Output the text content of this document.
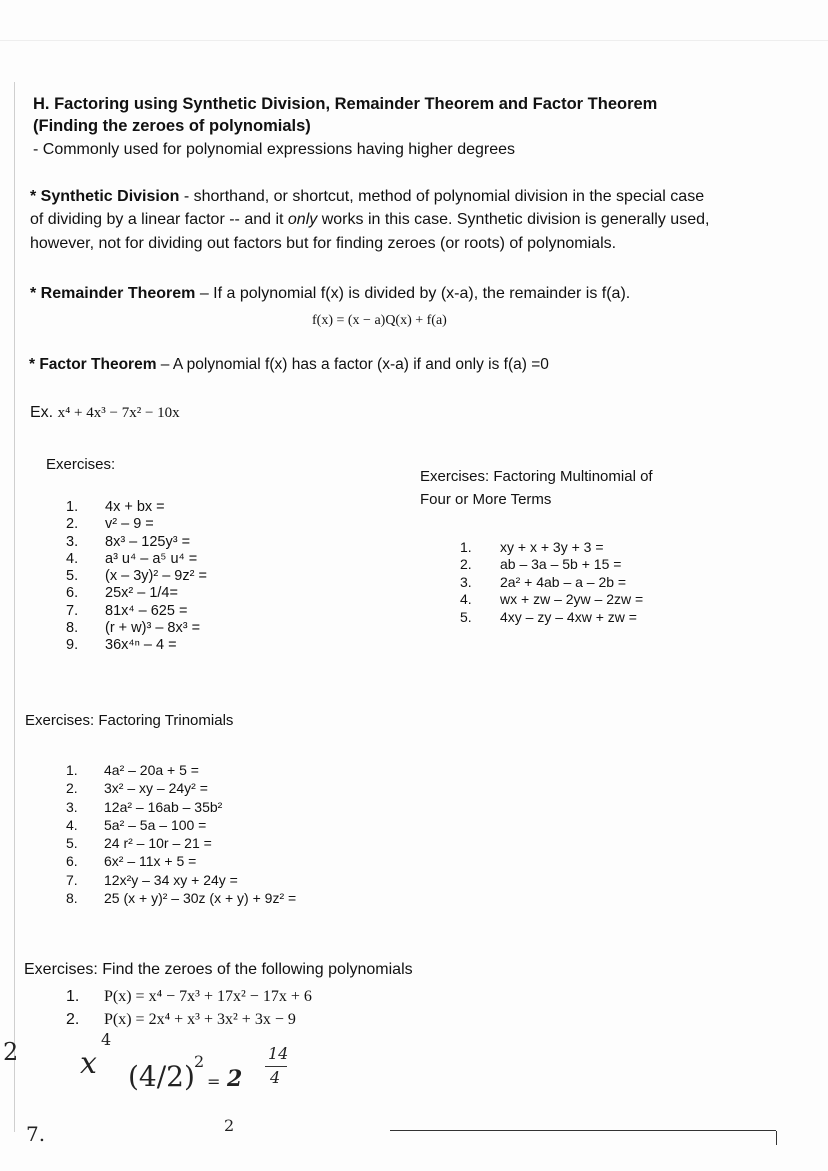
H. Factoring using Synthetic Division, Remainder Theorem and Factor Theorem
(Finding the zeroes of polynomials)
- Commonly used for polynomial expressions having higher degrees
* Synthetic Division - shorthand, or shortcut, method of polynomial division in the special case
of dividing by a linear factor -- and it only works in this case. Synthetic division is generally used,
however, not for dividing out factors but for finding zeroes (or roots) of polynomials.
* Remainder Theorem – If a polynomial f(x) is divided by (x-a), the remainder is f(a).
f(x) = (x − a)Q(x) + f(a)
* Factor Theorem – A polynomial f(x) has a factor (x-a) if and only is f(a) =0
Ex. x⁴ + 4x³ − 7x² − 10x
Exercises:
1.	4x + bx =
2.	v² – 9 =
3.	8x³ – 125y³ =
4.	a³ u⁴ – a⁵ u⁴ =
5.	(x – 3y)² – 9z² =
6.	25x² – 1/4=
7.	81x⁴ – 625 =
8.	(r + w)³ – 8x³ =
9.	36x⁴ⁿ – 4 =
Exercises: Factoring Multinomial of
Four or More Terms
1.	xy + x + 3y + 3 =
2.	ab – 3a – 5b + 15 =
3.	2a² + 4ab – a – 2b =
4.	wx + zw – 2yw – 2zw =
5.	4xy – zy – 4xw + zw =
Exercises: Factoring Trinomials
1.	4a² – 20a + 5 =
2.	3x² – xy – 24y² =
3.	12a² – 16ab – 35b²
4.	5a² – 5a – 100 =
5.	24 r² – 10r – 21 =
6.	6x² – 11x + 5 =
7.	12x²y – 34 xy + 24y =
8.	25 (x + y)² – 30z (x + y) + 9z² =
Exercises: Find the zeroes of the following polynomials
1.	P(x) = x⁴ − 7x³ + 17x² − 17x + 6
2.	P(x) = 2x⁴ + x³ + 3x² + 3x − 9
2 x
4
(4/2) 2
= 2
14
4
7.	2
